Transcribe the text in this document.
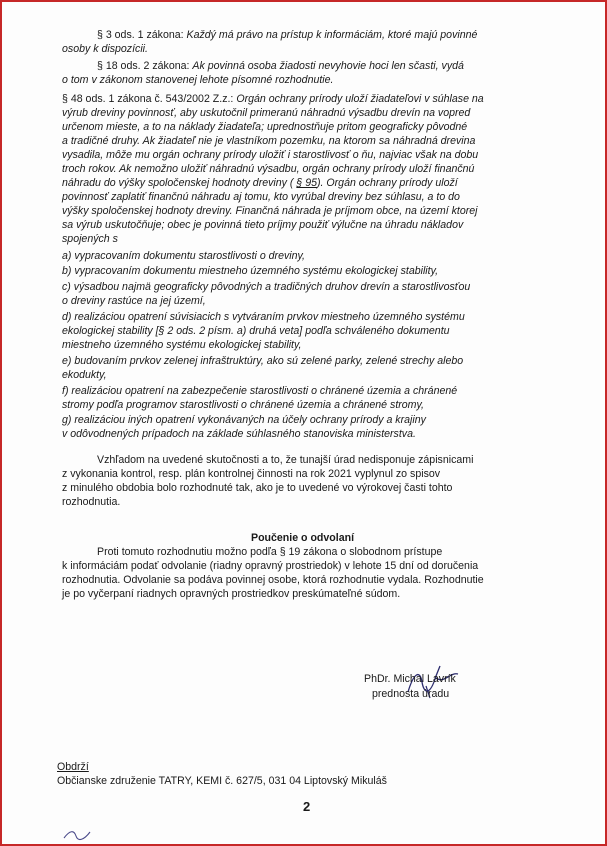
§ 3 ods. 1 zákona: Každý má právo na prístup k informáciám, ktoré majú povinné
osoby k dispozícii.
§ 18 ods. 2 zákona: Ak povinná osoba žiadosti nevyhovie hoci len sčasti, vydá
o tom v zákonom stanovenej lehote písomné rozhodnutie.
§ 48 ods. 1 zákona č. 543/2002 Z.z.: Orgán ochrany prírody uloží žiadateľovi v súhlase na
výrub dreviny povinnosť, aby uskutočnil primeranú náhradnú výsadbu drevín na vopred
určenom mieste, a to na náklady žiadateľa; uprednostňuje pritom geograficky pôvodné
a tradičné druhy. Ak žiadateľ nie je vlastníkom pozemku, na ktorom sa náhradná drevina
vysadila, môže mu orgán ochrany prírody uložiť i starostlivosť o ňu, najviac však na dobu
troch rokov. Ak nemožno uložiť náhradnú výsadbu, orgán ochrany prírody uloží finančnú
náhradu do výšky spoločenskej hodnoty dreviny ( § 95). Orgán ochrany prírody uloží
povinnosť zaplatiť finančnú náhradu aj tomu, kto vyrúbal dreviny bez súhlasu, a to do
výšky spoločenskej hodnoty dreviny. Finančná náhrada je príjmom obce, na území ktorej
sa výrub uskutočňuje; obec je povinná tieto príjmy použiť výlučne na úhradu nákladov
spojených s
a) vypracovaním dokumentu starostlivosti o dreviny,
b) vypracovaním dokumentu miestneho územného systému ekologickej stability,
c) výsadbou najmä geograficky pôvodných a tradičných druhov drevín a starostlivosťou
o dreviny rastúce na jej území,
d) realizáciou opatrení súvisiacich s vytváraním prvkov miestneho územného systému
ekologickej stability [§ 2 ods. 2 písm. a) druhá veta] podľa schváleného dokumentu
miestneho územného systému ekologickej stability,
e) budovaním prvkov zelenej infraštruktúry, ako sú zelené parky, zelené strechy alebo
ekodukty,
f) realizáciou opatrení na zabezpečenie starostlivosti o chránené územia a chránené
stromy podľa programov starostlivosti o chránené územia a chránené stromy,
g) realizáciou iných opatrení vykonávaných na účely ochrany prírody a krajiny
v odôvodnených prípadoch na základe súhlasného stanoviska ministerstva.
Vzhľadom na uvedené skutočnosti a to, že tunajší úrad nedisponuje zápisnicami
z vykonania kontrol, resp. plán kontrolnej činnosti na rok 2021 vyplynul zo spisov
z minulého obdobia bolo rozhodnuté tak, ako je to uvedené vo výrokovej časti tohto
rozhodnutia.
Poučenie o odvolaní
Proti tomuto rozhodnutiu možno podľa § 19 zákona o slobodnom prístupe
k informáciám podať odvolanie (riadny opravný prostriedok) v lehote 15 dní od doručenia
rozhodnutia. Odvolanie sa podáva povinnej osobe, ktorá rozhodnutie vydala. Rozhodnutie
je po vyčerpaní riadnych opravných prostriedkov preskúmateľné súdom.
PhDr. Michal Lavrík
prednosta úradu
Obdrží
Občianske združenie TATRY, KEMI č. 627/5, 031 04 Liptovský Mikuláš
2
